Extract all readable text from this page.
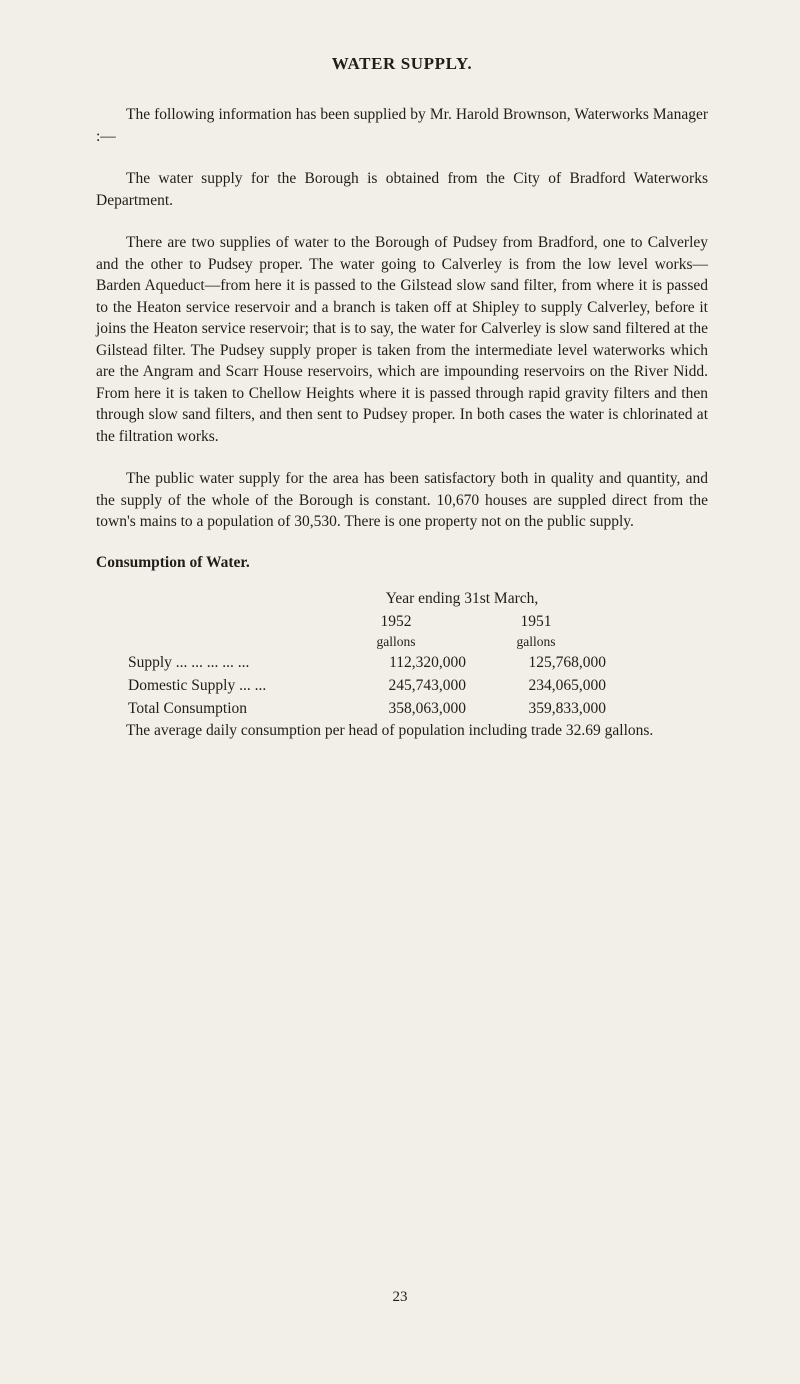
WATER SUPPLY.

The following information has been supplied by Mr. Harold Brownson, Waterworks Manager :—

The water supply for the Borough is obtained from the City of Bradford Waterworks Department.

There are two supplies of water to the Borough of Pudsey from Bradford, one to Calverley and the other to Pudsey proper. The water going to Calverley is from the low level works—Barden Aqueduct—from here it is passed to the Gilstead slow sand filter, from where it is passed to the Heaton service reservoir and a branch is taken off at Shipley to supply Calverley, before it joins the Heaton service reservoir; that is to say, the water for Calverley is slow sand filtered at the Gilstead filter. The Pudsey supply proper is taken from the intermediate level waterworks which are the Angram and Scarr House reservoirs, which are impounding reservoirs on the River Nidd. From here it is taken to Chellow Heights where it is passed through rapid gravity filters and then through slow sand filters, and then sent to Pudsey proper. In both cases the water is chlorinated at the filtration works.

The public water supply for the area has been satisfactory both in quality and quantity, and the supply of the whole of the Borough is constant. 10,670 houses are suppled direct from the town's mains to a population of 30,530. There is one property not on the public supply.

Consumption of Water.
Year ending 31st March,
1952	1951
gallons	gallons
Supply ... ... ... ... ...	112,320,000	125,768,000
Domestic Supply ... ...	245,743,000	234,065,000
Total Consumption	358,063,000	359,833,000

The average daily consumption per head of population including trade 32.69 gallons.

23
